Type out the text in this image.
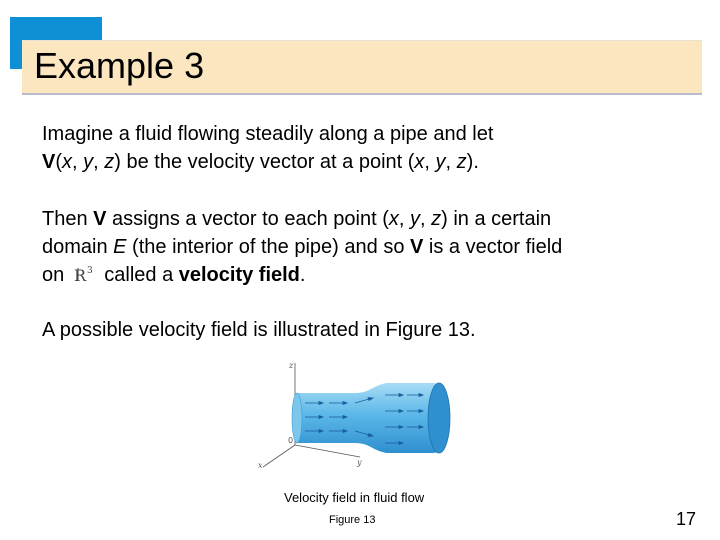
Example 3
Imagine a fluid flowing steadily along a pipe and let
V(x, y, z) be the velocity vector at a point (x, y, z).
Then V assigns a vector to each point (x, y, z) in a certain
domain E (the interior of the pipe) and so V is a vector field
on R 3 called a velocity field.
A possible velocity field is illustrated in Figure 13.
z
y
x
0
Velocity field in fluid flow
Figure 13	17
